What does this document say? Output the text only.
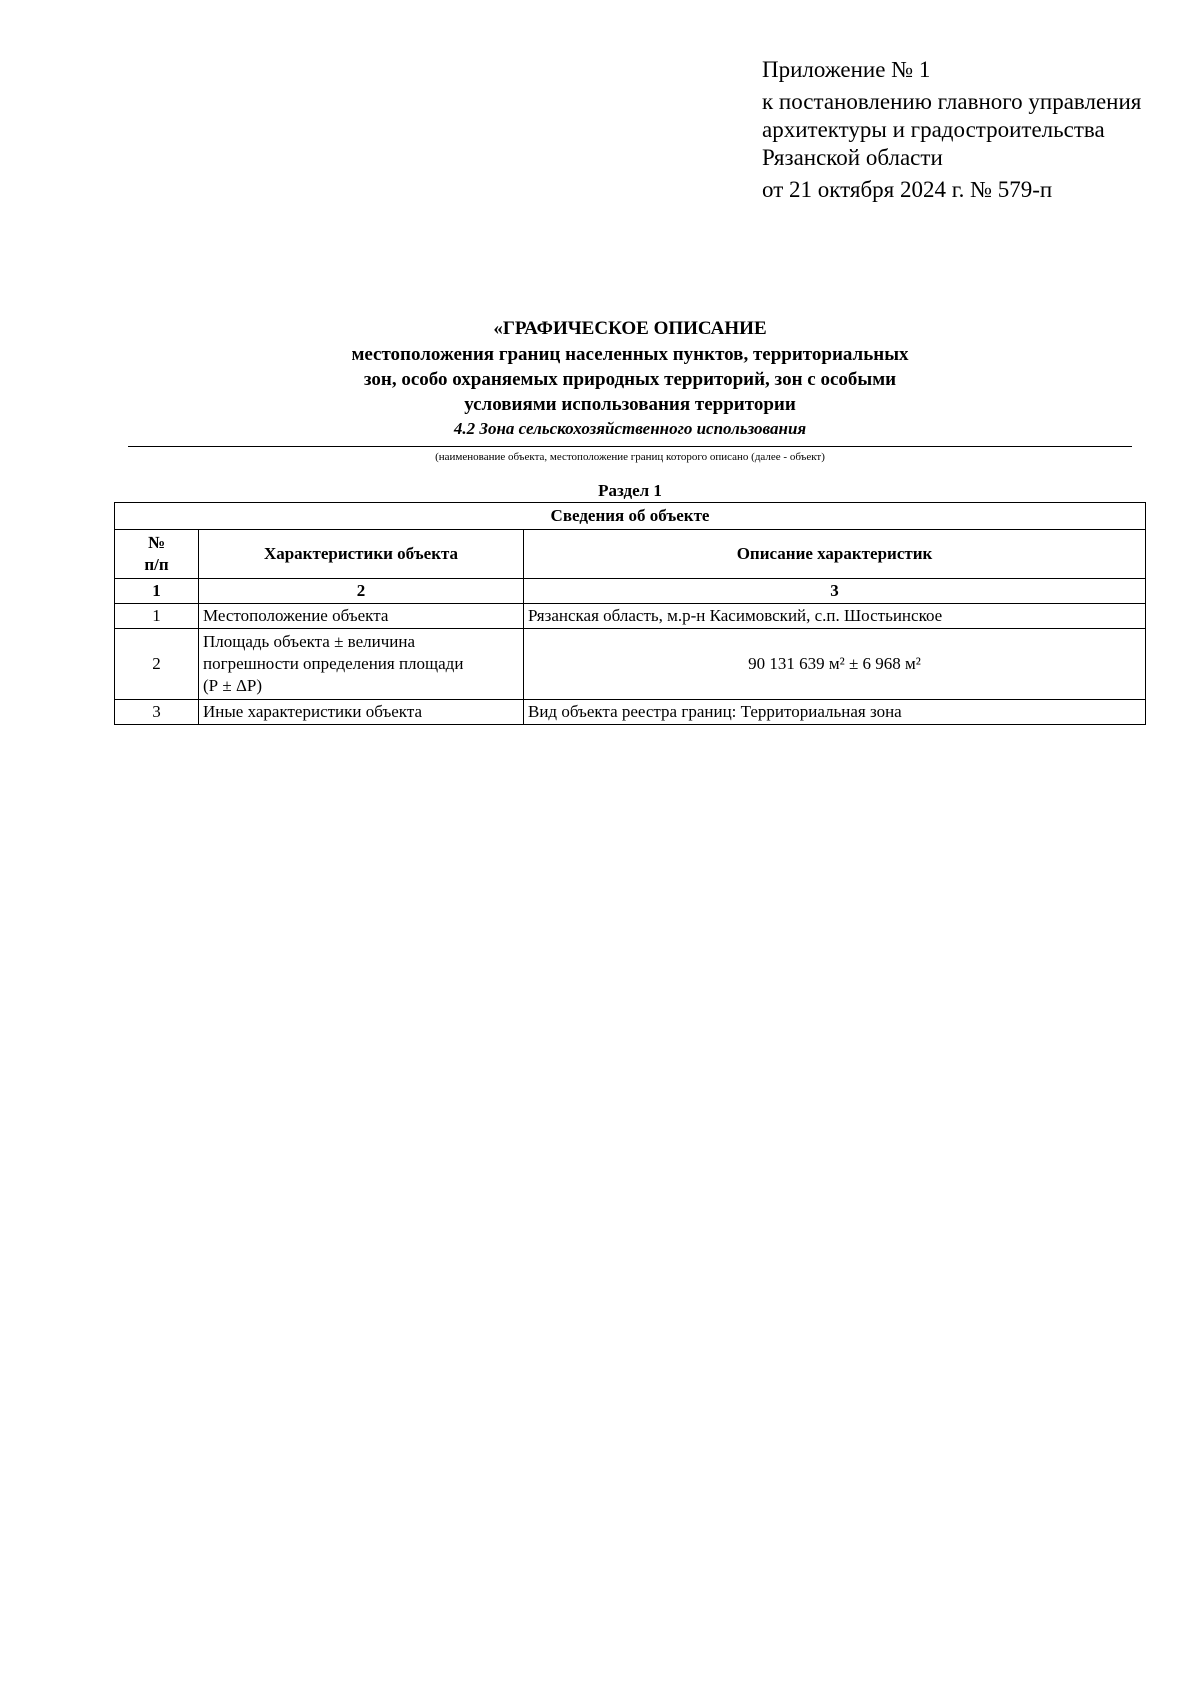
Приложение № 1
к постановлению главного управления
архитектуры и градостроительства
Рязанской области
от 21 октября 2024 г. № 579-п
«ГРАФИЧЕСКОЕ ОПИСАНИЕ
местоположения границ населенных пунктов, территориальных
зон, особо охраняемых природных территорий, зон с особыми
условиями использования территории
4.2 Зона сельскохозяйственного использования
(наименование объекта, местоположение границ которого описано (далее - объект)
Раздел 1
Сведения об объекте		

№
п/п	Характеристики объекта	Описание характеристик
1	2	3
1	Местоположение объекта	Рязанская область, м.р-н Касимовский, с.п. Шостьинское
2	Площадь объекта ± величина
погрешности определения площади
(Р ± ΔР)	90 131 639 м² ± 6 968 м²
3	Иные характеристики объекта	Вид объекта реестра границ: Территориальная зона
